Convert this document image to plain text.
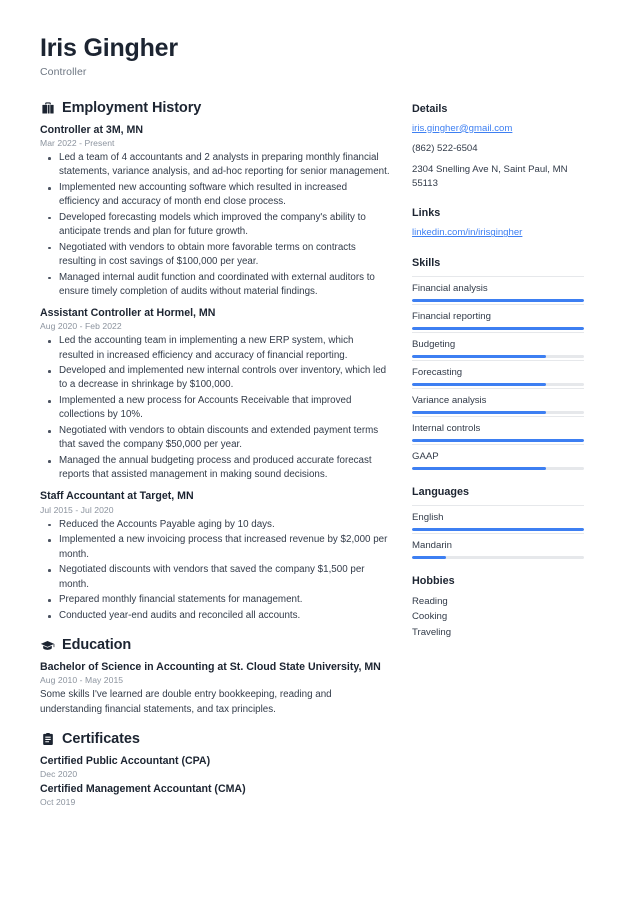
Iris Gingher
Controller
Employment History
Controller at 3M, MN
Mar 2022 - Present
Led a team of 4 accountants and 2 analysts in preparing monthly financial statements, variance analysis, and ad-hoc reporting for senior management.
Implemented new accounting software which resulted in increased efficiency and accuracy of month end close process.
Developed forecasting models which improved the company's ability to anticipate trends and plan for future growth.
Negotiated with vendors to obtain more favorable terms on contracts resulting in cost savings of $100,000 per year.
Managed internal audit function and coordinated with external auditors to ensure timely completion of audits without material findings.
Assistant Controller at Hormel, MN
Aug 2020 - Feb 2022
Led the accounting team in implementing a new ERP system, which resulted in increased efficiency and accuracy of financial reporting.
Developed and implemented new internal controls over inventory, which led to a decrease in shrinkage by $100,000.
Implemented a new process for Accounts Receivable that improved collections by 10%.
Negotiated with vendors to obtain discounts and extended payment terms that saved the company $50,000 per year.
Managed the annual budgeting process and produced accurate forecast reports that assisted management in making sound decisions.
Staff Accountant at Target, MN
Jul 2015 - Jul 2020
Reduced the Accounts Payable aging by 10 days.
Implemented a new invoicing process that increased revenue by $2,000 per month.
Negotiated discounts with vendors that saved the company $1,500 per month.
Prepared monthly financial statements for management.
Conducted year-end audits and reconciled all accounts.
Education
Bachelor of Science in Accounting at St. Cloud State University, MN
Aug 2010 - May 2015
Some skills I've learned are double entry bookkeeping, reading and understanding financial statements, and tax principles.
Certificates
Certified Public Accountant (CPA)
Dec 2020
Certified Management Accountant (CMA)
Oct 2019
Details
iris.gingher@gmail.com
(862) 522-6504
2304 Snelling Ave N, Saint Paul, MN 55113
Links
linkedin.com/in/irisgingher
Skills
Financial analysis
Financial reporting
Budgeting
Forecasting
Variance analysis
Internal controls
GAAP
Languages
English
Mandarin
Hobbies
Reading
Cooking
Traveling
